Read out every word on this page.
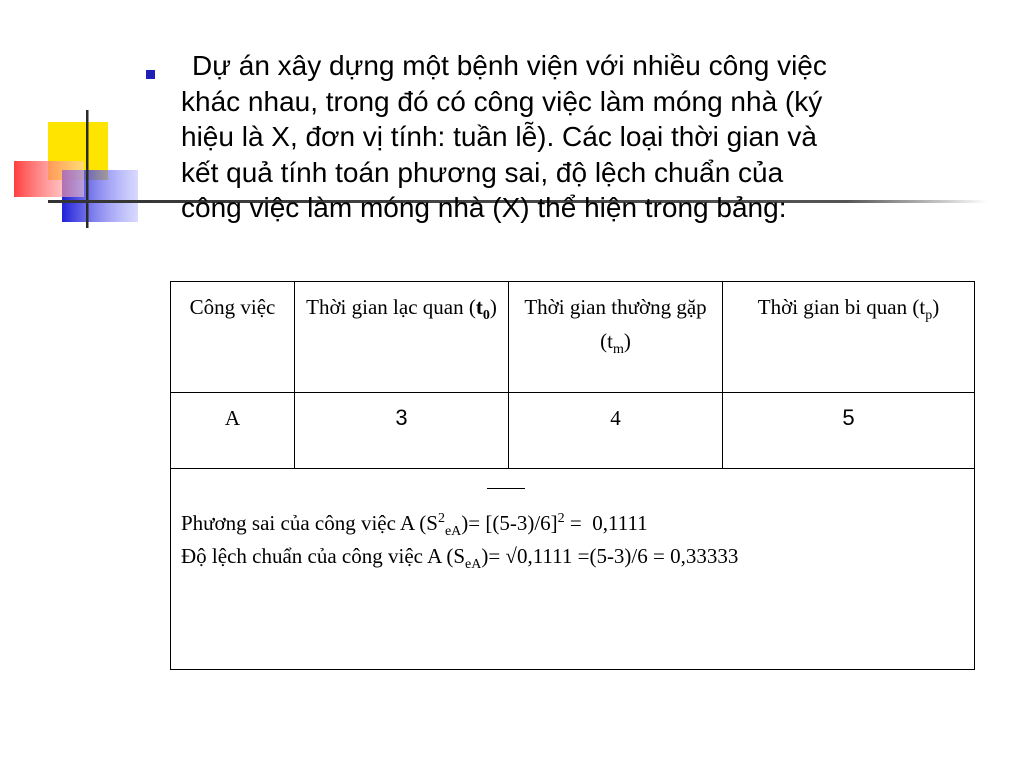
Dự án xây dựng một bệnh viện với nhiều công việc
khác nhau, trong đó có công việc làm móng nhà (ký
hiệu là X, đơn vị tính: tuần lễ). Các loại thời gian và
kết quả tính toán phương sai, độ lệch chuẩn của
công việc làm móng nhà (X) thể hiện trong bảng:

Công việc	Thời gian lạc quan $(t_0)$	Thời gian thường gặp $(t_m)$	Thời gian bi quan $(t_p)$
A	3	4	5

Phương sai của công việc A $(S^2_{eA})= [(5-3)/6]^2 = 0,1111$
Độ lệch chuẩn của công việc A $(S_{eA})= √0,1111 =(5-3)/6 = 0,33333$			
